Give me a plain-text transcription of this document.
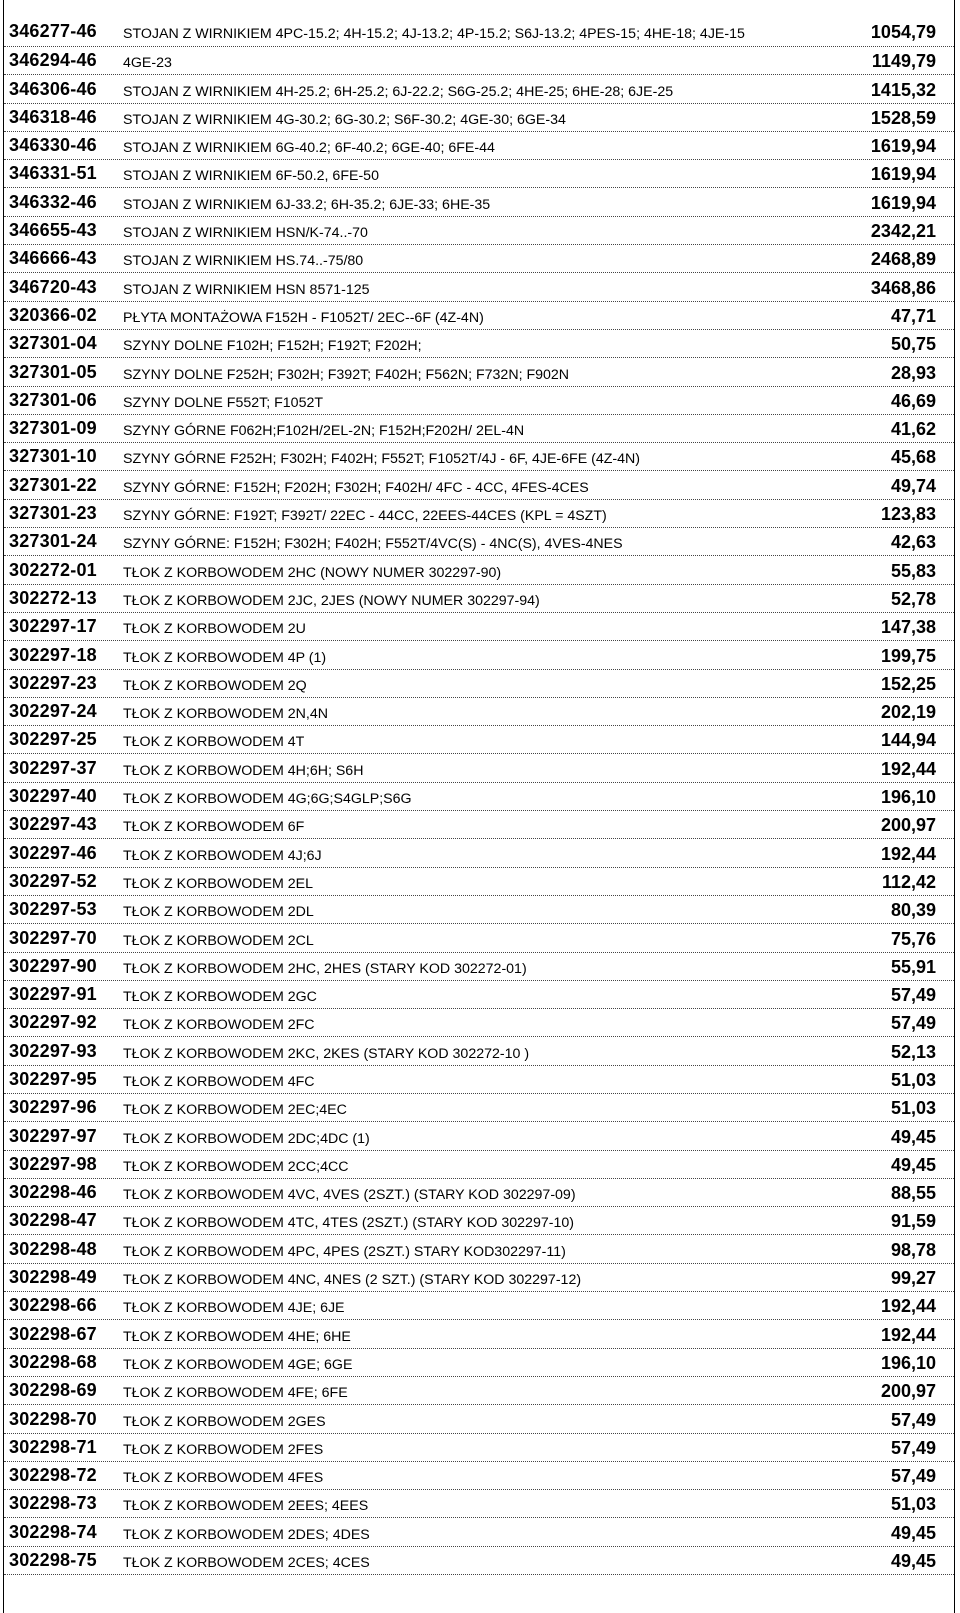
346277-46 STOJAN Z WIRNIKIEM 4PC-15.2; 4H-15.2; 4J-13.2; 4P-15.2; S6J-13.2; 4PES-15; 4HE-18; 4JE-15	1054,79
346294-46 4GE-23	1149,79
346306-46 STOJAN Z WIRNIKIEM 4H-25.2; 6H-25.2; 6J-22.2; S6G-25.2; 4HE-25; 6HE-28; 6JE-25	1415,32
346318-46 STOJAN Z WIRNIKIEM 4G-30.2; 6G-30.2; S6F-30.2; 4GE-30; 6GE-34	1528,59
346330-46 STOJAN Z WIRNIKIEM 6G-40.2; 6F-40.2; 6GE-40; 6FE-44	1619,94
346331-51 STOJAN Z WIRNIKIEM 6F-50.2, 6FE-50	1619,94
346332-46 STOJAN Z WIRNIKIEM 6J-33.2; 6H-35.2; 6JE-33; 6HE-35	1619,94
346655-43 STOJAN Z WIRNIKIEM HSN/K-74..-70	2342,21
346666-43 STOJAN Z WIRNIKIEM HS.74..-75/80	2468,89
346720-43 STOJAN Z WIRNIKIEM HSN 8571-125	3468,86
320366-02 PŁYTA MONTAŻOWA F152H - F1052T/ 2EC--6F (4Z-4N)	47,71
327301-04 SZYNY DOLNE F102H; F152H; F192T; F202H;	50,75
327301-05 SZYNY DOLNE F252H; F302H; F392T; F402H; F562N; F732N; F902N	28,93
327301-06 SZYNY DOLNE F552T; F1052T	46,69
327301-09 SZYNY GÓRNE F062H;F102H/2EL-2N; F152H;F202H/ 2EL-4N	41,62
327301-10 SZYNY GÓRNE F252H; F302H; F402H; F552T; F1052T/4J - 6F, 4JE-6FE (4Z-4N)	45,68
327301-22 SZYNY GÓRNE: F152H; F202H; F302H; F402H/ 4FC - 4CC, 4FES-4CES	49,74
327301-23 SZYNY GÓRNE: F192T; F392T/ 22EC - 44CC, 22EES-44CES (KPL = 4SZT)	123,83
327301-24 SZYNY GÓRNE: F152H; F302H; F402H; F552T/4VC(S) - 4NC(S), 4VES-4NES	42,63
302272-01 TŁOK Z KORBOWODEM 2HC (NOWY NUMER 302297-90)	55,83
302272-13 TŁOK Z KORBOWODEM 2JC, 2JES (NOWY NUMER 302297-94)	52,78
302297-17 TŁOK Z KORBOWODEM 2U	147,38
302297-18 TŁOK Z KORBOWODEM 4P (1)	199,75
302297-23 TŁOK Z KORBOWODEM 2Q	152,25
302297-24 TŁOK Z KORBOWODEM 2N,4N	202,19
302297-25 TŁOK Z KORBOWODEM 4T	144,94
302297-37 TŁOK Z KORBOWODEM 4H;6H; S6H	192,44
302297-40 TŁOK Z KORBOWODEM 4G;6G;S4GLP;S6G	196,10
302297-43 TŁOK Z KORBOWODEM 6F	200,97
302297-46 TŁOK Z KORBOWODEM 4J;6J	192,44
302297-52 TŁOK Z KORBOWODEM 2EL	112,42
302297-53 TŁOK Z KORBOWODEM 2DL	80,39
302297-70 TŁOK Z KORBOWODEM 2CL	75,76
302297-90 TŁOK Z KORBOWODEM 2HC, 2HES (STARY KOD 302272-01)	55,91
302297-91 TŁOK Z KORBOWODEM 2GC	57,49
302297-92 TŁOK Z KORBOWODEM 2FC	57,49
302297-93 TŁOK Z KORBOWODEM 2KC, 2KES (STARY KOD 302272-10 )	52,13
302297-95 TŁOK Z KORBOWODEM 4FC	51,03
302297-96 TŁOK Z KORBOWODEM 2EC;4EC	51,03
302297-97 TŁOK Z KORBOWODEM 2DC;4DC (1)	49,45
302297-98 TŁOK Z KORBOWODEM 2CC;4CC	49,45
302298-46 TŁOK Z KORBOWODEM 4VC, 4VES (2SZT.) (STARY KOD 302297-09)	88,55
302298-47 TŁOK Z KORBOWODEM 4TC, 4TES (2SZT.) (STARY KOD 302297-10)	91,59
302298-48 TŁOK Z KORBOWODEM 4PC, 4PES (2SZT.) STARY KOD302297-11)	98,78
302298-49 TŁOK Z KORBOWODEM 4NC, 4NES (2 SZT.) (STARY KOD 302297-12)	99,27
302298-66 TŁOK Z KORBOWODEM 4JE; 6JE	192,44
302298-67 TŁOK Z KORBOWODEM 4HE; 6HE	192,44
302298-68 TŁOK Z KORBOWODEM 4GE; 6GE	196,10
302298-69 TŁOK Z KORBOWODEM 4FE; 6FE	200,97
302298-70 TŁOK Z KORBOWODEM 2GES	57,49
302298-71 TŁOK Z KORBOWODEM 2FES	57,49
302298-72 TŁOK Z KORBOWODEM 4FES	57,49
302298-73 TŁOK Z KORBOWODEM 2EES; 4EES	51,03
302298-74 TŁOK Z KORBOWODEM 2DES; 4DES	49,45
302298-75 TŁOK Z KORBOWODEM 2CES; 4CES	49,45
